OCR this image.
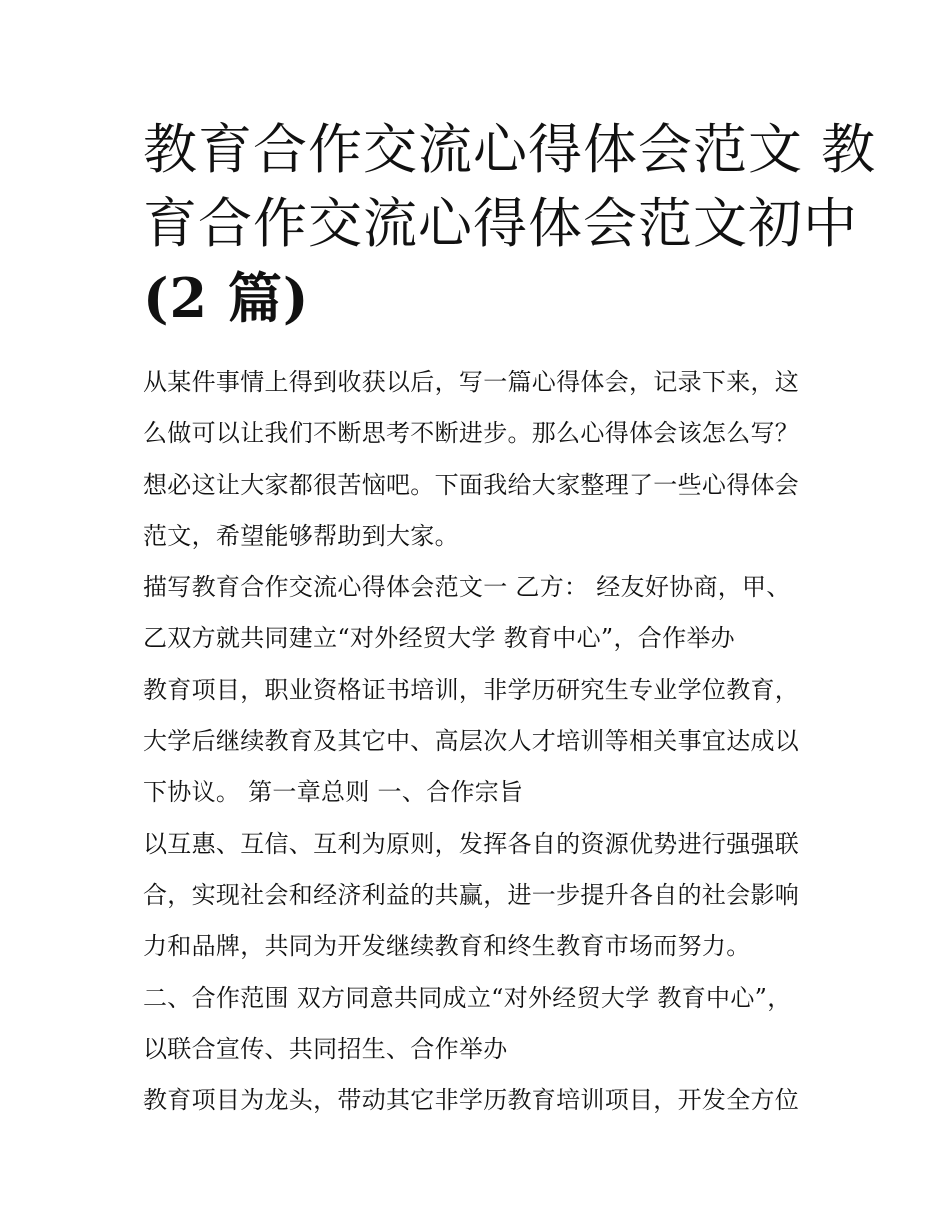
教育合作交流心得体会范文 教
育合作交流心得体会范文初中
(2 篇)
从某件事情上得到收获以后，写一篇心得体会，记录下来，这
么做可以让我们不断思考不断进步。那么心得体会该怎么写？
想必这让大家都很苦恼吧。下面我给大家整理了一些心得体会
范文，希望能够帮助到大家。
描写教育合作交流心得体会范文一 乙方： 经友好协商，甲、
乙双方就共同建立“对外经贸大学 教育中心”，合作举办
教育项目，职业资格证书培训，非学历研究生专业学位教育，
大学后继续教育及其它中、高层次人才培训等相关事宜达成以
下协议。 第一章总则 一、合作宗旨
以互惠、互信、互利为原则，发挥各自的资源优势进行强强联
合，实现社会和经济利益的共赢，进一步提升各自的社会影响
力和品牌，共同为开发继续教育和终生教育市场而努力。
二、合作范围 双方同意共同成立“对外经贸大学 教育中心”，
以联合宣传、共同招生、合作举办
教育项目为龙头，带动其它非学历教育培训项目，开发全方位
